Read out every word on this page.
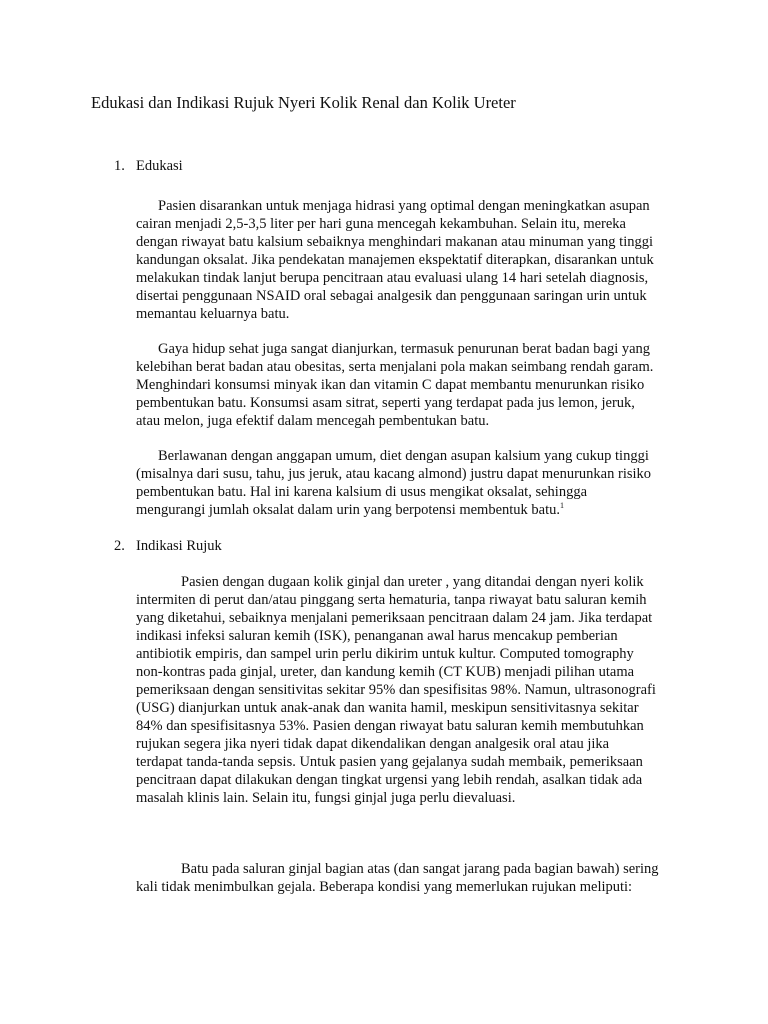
Edukasi dan Indikasi Rujuk Nyeri Kolik Renal dan Kolik Ureter
1. Edukasi

Pasien disarankan untuk menjaga hidrasi yang optimal dengan meningkatkan asupan
cairan menjadi 2,5-3,5 liter per hari guna mencegah kekambuhan. Selain itu, mereka
dengan riwayat batu kalsium sebaiknya menghindari makanan atau minuman yang tinggi
kandungan oksalat. Jika pendekatan manajemen ekspektatif diterapkan, disarankan untuk
melakukan tindak lanjut berupa pencitraan atau evaluasi ulang 14 hari setelah diagnosis,
disertai penggunaan NSAID oral sebagai analgesik dan penggunaan saringan urin untuk
memantau keluarnya batu.

Gaya hidup sehat juga sangat dianjurkan, termasuk penurunan berat badan bagi yang
kelebihan berat badan atau obesitas, serta menjalani pola makan seimbang rendah garam.
Menghindari konsumsi minyak ikan dan vitamin C dapat membantu menurunkan risiko
pembentukan batu. Konsumsi asam sitrat, seperti yang terdapat pada jus lemon, jeruk,
atau melon, juga efektif dalam mencegah pembentukan batu.

Berlawanan dengan anggapan umum, diet dengan asupan kalsium yang cukup tinggi
(misalnya dari susu, tahu, jus jeruk, atau kacang almond) justru dapat menurunkan risiko
pembentukan batu. Hal ini karena kalsium di usus mengikat oksalat, sehingga
mengurangi jumlah oksalat dalam urin yang berpotensi membentuk batu.$^1$

2. Indikasi Rujuk

Pasien dengan dugaan kolik ginjal dan ureter , yang ditandai dengan nyeri kolik
intermiten di perut dan/atau pinggang serta hematuria, tanpa riwayat batu saluran kemih
yang diketahui, sebaiknya menjalani pemeriksaan pencitraan dalam 24 jam. Jika terdapat
indikasi infeksi saluran kemih (ISK), penanganan awal harus mencakup pemberian
antibiotik empiris, dan sampel urin perlu dikirim untuk kultur. Computed tomography
non-kontras pada ginjal, ureter, dan kandung kemih (CT KUB) menjadi pilihan utama
pemeriksaan dengan sensitivitas sekitar 95% dan spesifisitas 98%. Namun, ultrasonografi
(USG) dianjurkan untuk anak-anak dan wanita hamil, meskipun sensitivitasnya sekitar
84% dan spesifisitasnya 53%. Pasien dengan riwayat batu saluran kemih membutuhkan
rujukan segera jika nyeri tidak dapat dikendalikan dengan analgesik oral atau jika
terdapat tanda-tanda sepsis. Untuk pasien yang gejalanya sudah membaik, pemeriksaan
pencitraan dapat dilakukan dengan tingkat urgensi yang lebih rendah, asalkan tidak ada
masalah klinis lain. Selain itu, fungsi ginjal juga perlu dievaluasi.

Batu pada saluran ginjal bagian atas (dan sangat jarang pada bagian bawah) sering
kali tidak menimbulkan gejala. Beberapa kondisi yang memerlukan rujukan meliputi:
